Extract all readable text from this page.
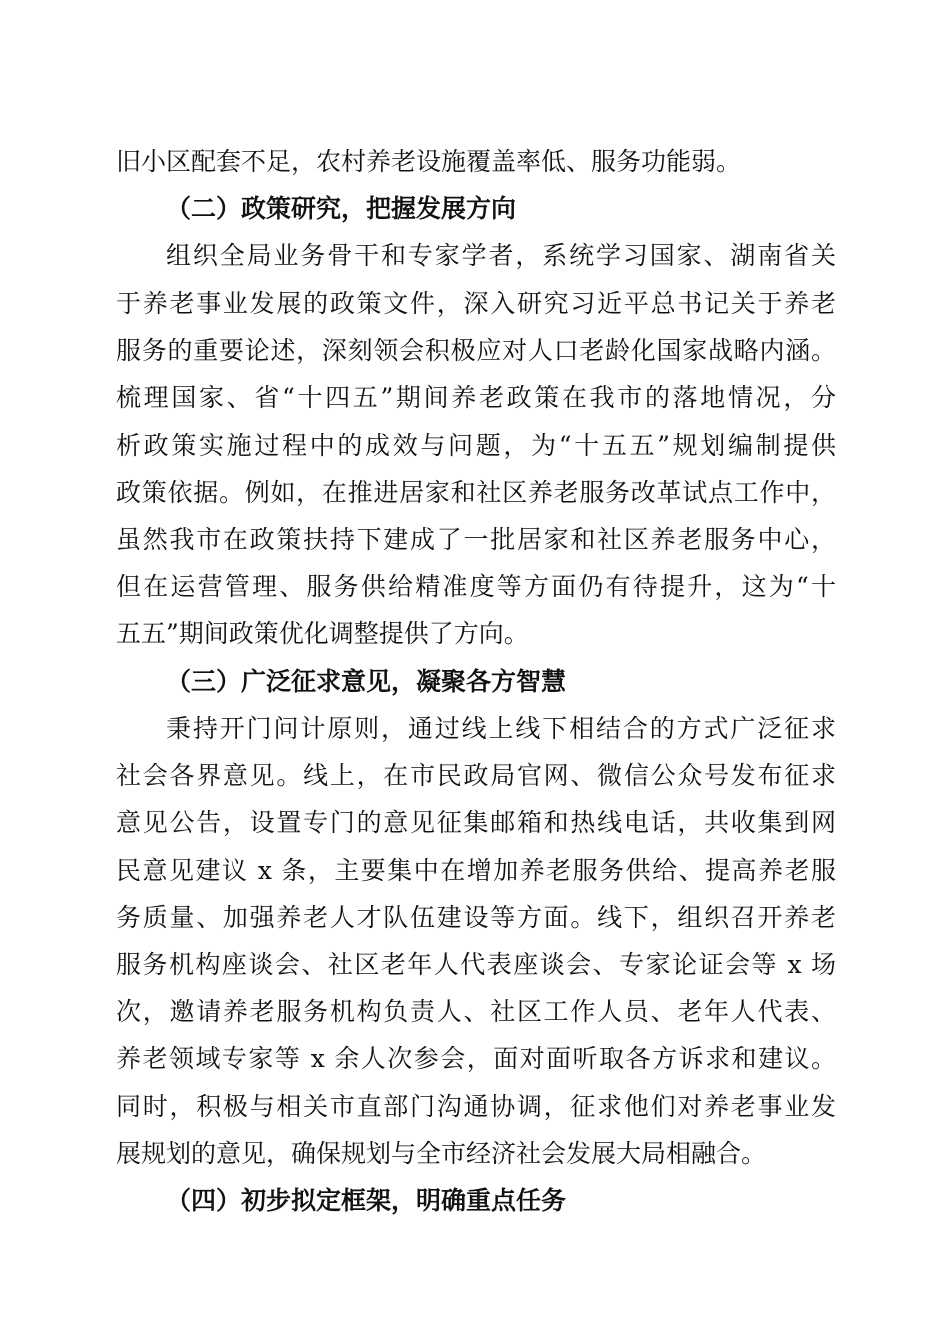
旧小区配套不足，农村养老设施覆盖率低、服务功能弱。
（二）政策研究，把握发展方向
组织全局业务骨干和专家学者，系统学习国家、湖南省关
于养老事业发展的政策文件，深入研究习近平总书记关于养老
服务的重要论述，深刻领会积极应对人口老龄化国家战略内涵。
梳理国家、省“十四五”期间养老政策在我市的落地情况，分
析政策实施过程中的成效与问题，为“十五五”规划编制提供
政策依据。例如，在推进居家和社区养老服务改革试点工作中，
虽然我市在政策扶持下建成了一批居家和社区养老服务中心，
但在运营管理、服务供给精准度等方面仍有待提升，这为“十
五五”期间政策优化调整提供了方向。
（三）广泛征求意见，凝聚各方智慧
秉持开门问计原则，通过线上线下相结合的方式广泛征求
社会各界意见。线上，在市民政局官网、微信公众号发布征求
意见公告，设置专门的意见征集邮箱和热线电话，共收集到网
民意见建议 x 条，主要集中在增加养老服务供给、提高养老服
务质量、加强养老人才队伍建设等方面。线下，组织召开养老
服务机构座谈会、社区老年人代表座谈会、专家论证会等 x 场
次，邀请养老服务机构负责人、社区工作人员、老年人代表、
养老领域专家等 x 余人次参会，面对面听取各方诉求和建议。
同时，积极与相关市直部门沟通协调，征求他们对养老事业发
展规划的意见，确保规划与全市经济社会发展大局相融合。
（四）初步拟定框架，明确重点任务
